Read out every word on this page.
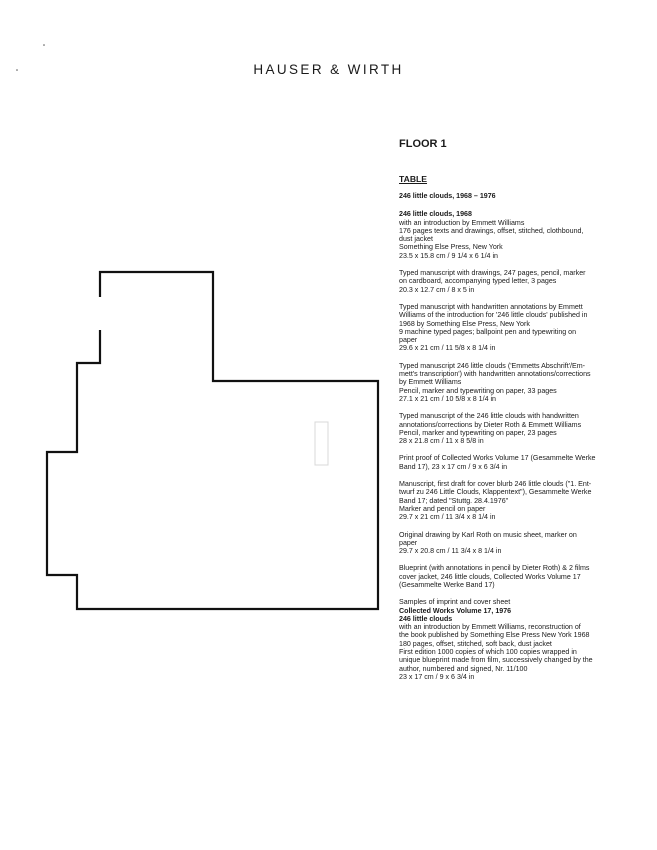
HAUSER & WIRTH
FLOOR 1
TABLE
246 little clouds, 1968 – 1976
246 little clouds, 1968
with an introduction by Emmett Williams
176 pages texts and drawings, offset, stitched, clothbound,
dust jacket
Something Else Press, New York
23.5 x 15.8 cm / 9 1/4 x 6 1/4 in
Typed manuscript with drawings, 247 pages, pencil, marker
on cardboard, accompanying typed letter, 3 pages
20.3 x 12.7 cm / 8 x 5 in
Typed manuscript with handwritten annotations by Emmett
Williams of the introduction for '246 little clouds' published in
1968 by Something Else Press, New York
9 machine typed pages; ballpoint pen and typewriting on
paper
29.6 x 21 cm / 11 5/8 x 8 1/4 in
Typed manuscript 246 little clouds ('Emmetts Abschrift'/Em-
mett's transcription') with handwritten annotations/corrections
by Emmett Williams
Pencil, marker and typewriting on paper, 33 pages
27.1 x 21 cm / 10 5/8 x 8 1/4 in
Typed manuscript of the 246 little clouds with handwritten
annotations/corrections by Dieter Roth & Emmett Williams
Pencil, marker and typewriting on paper, 23 pages
28 x 21.8 cm / 11 x 8 5/8 in
Print proof of Collected Works Volume 17 (Gesammelte Werke
Band 17), 23 x 17 cm / 9 x 6 3/4 in
Manuscript, first draft for cover blurb 246 little clouds ("1. Ent-
twurf zu 246 Little Clouds, Klappentext"), Gesammelte Werke
Band 17; dated "Stuttg. 28.4.1976"
Marker and pencil on paper
29.7 x 21 cm / 11 3/4 x 8 1/4 in
Original drawing by Karl Roth on music sheet, marker on
paper
29.7 x 20.8 cm / 11 3/4 x 8 1/4 in
Blueprint (with annotations in pencil by Dieter Roth) & 2 films
cover jacket, 246 little clouds, Collected Works Volume 17
(Gesammelte Werke Band 17)
Samples of imprint and cover sheet
Collected Works Volume 17, 1976
246 little clouds
with an introduction by Emmett Williams, reconstruction of
the book published by Something Else Press New York 1968
180 pages, offset, stitched, soft back, dust jacket
First edition 1000 copies of which 100 copies wrapped in
unique blueprint made from film, successively changed by the
author, numbered and signed, Nr. 11/100
23 x 17 cm / 9 x 6 3/4 in
